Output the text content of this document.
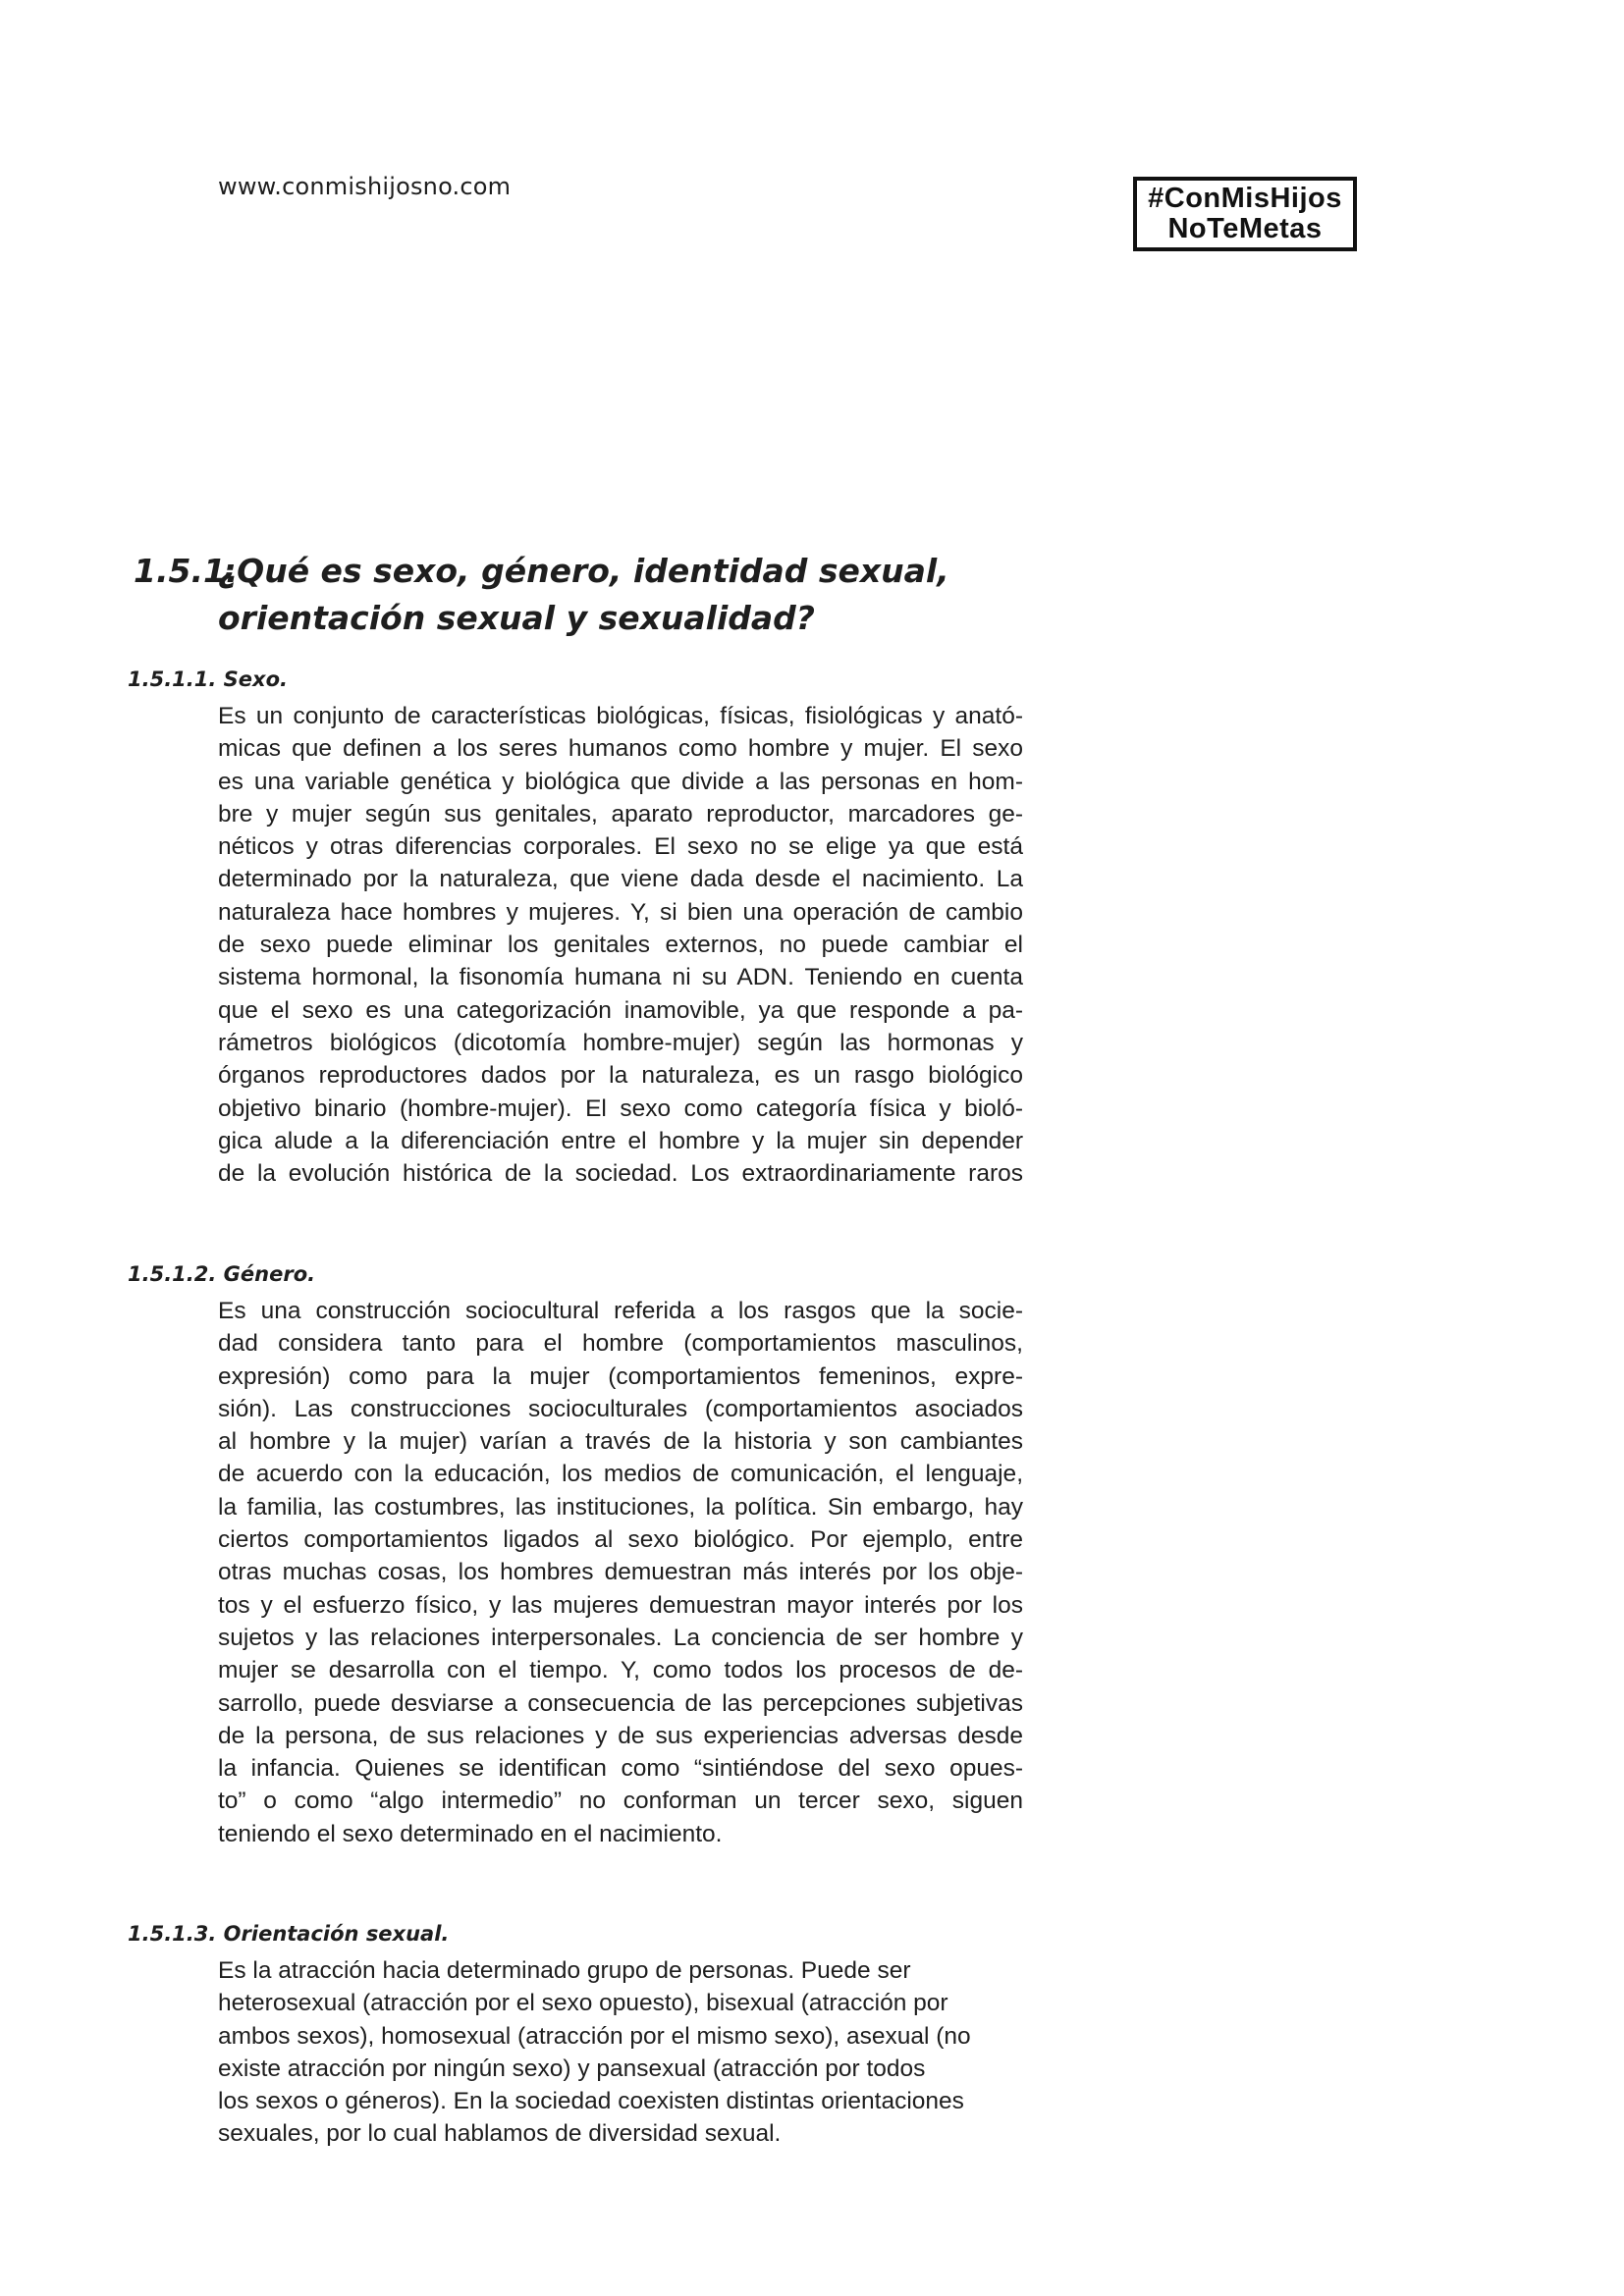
www.conmishijosno.com	#ConMisHijos
NoTeMetas
1.5.1.
¿Qué es sexo, género, identidad sexual,
orientación sexual y sexualidad?
1.5.1.1. Sexo.
Es un conjunto de características biológicas, físicas, fisiológicas y anató-
micas que definen a los seres humanos como hombre y mujer. El sexo
es una variable genética y biológica que divide a las personas en hom-
bre y mujer según sus genitales, aparato reproductor, marcadores ge-
néticos y otras diferencias corporales. El sexo no se elige ya que está
determinado por la naturaleza, que viene dada desde el nacimiento. La
naturaleza hace hombres y mujeres. Y, si bien una operación de cambio
de sexo puede eliminar los genitales externos, no puede cambiar el
sistema hormonal, la fisonomía humana ni su ADN. Teniendo en cuenta
que el sexo es una categorización inamovible, ya que responde a pa-
rámetros biológicos (dicotomía hombre-mujer) según las hormonas y
órganos reproductores dados por la naturaleza, es un rasgo biológico
objetivo binario (hombre-mujer). El sexo como categoría física y bioló-
gica alude a la diferenciación entre el hombre y la mujer sin depender
de la evolución histórica de la sociedad. Los extraordinariamente raros
1.5.1.2. Género.
Es una construcción sociocultural referida a los rasgos que la socie-
dad considera tanto para el hombre (comportamientos masculinos,
expresión) como para la mujer (comportamientos femeninos, expre-
sión). Las construcciones socioculturales (comportamientos asociados
al hombre y la mujer) varían a través de la historia y son cambiantes
de acuerdo con la educación, los medios de comunicación, el lenguaje,
la familia, las costumbres, las instituciones, la política. Sin embargo, hay
ciertos comportamientos ligados al sexo biológico. Por ejemplo, entre
otras muchas cosas, los hombres demuestran más interés por los obje-
tos y el esfuerzo físico, y las mujeres demuestran mayor interés por los
sujetos y las relaciones interpersonales. La conciencia de ser hombre y
mujer se desarrolla con el tiempo. Y, como todos los procesos de de-
sarrollo, puede desviarse a consecuencia de las percepciones subjetivas
de la persona, de sus relaciones y de sus experiencias adversas desde
la infancia. Quienes se identifican como “sintiéndose del sexo opues-
to” o como “algo intermedio” no conforman un tercer sexo, siguen
teniendo el sexo determinado en el nacimiento.
1.5.1.3. Orientación sexual.
Es la atracción hacia determinado grupo de personas. Puede ser
heterosexual (atracción por el sexo opuesto), bisexual (atracción por
ambos sexos), homosexual (atracción por el mismo sexo), asexual (no
existe atracción por ningún sexo) y pansexual (atracción por todos
los sexos o géneros). En la sociedad coexisten distintas orientaciones
sexuales, por lo cual hablamos de diversidad sexual.
